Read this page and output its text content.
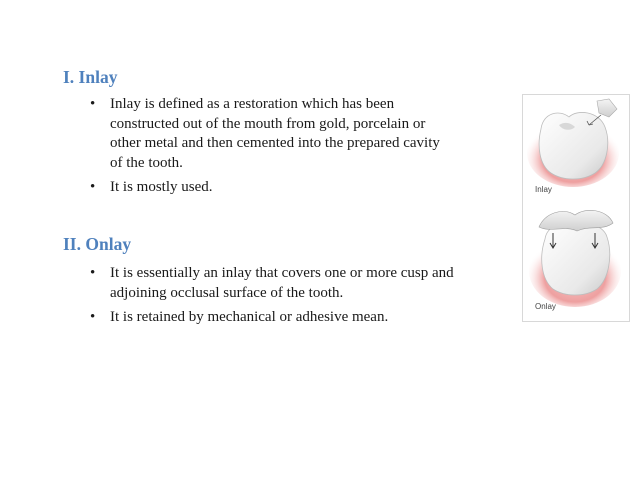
I. Inlay
• Inlay is defined as a restoration which has been
constructed out of the mouth from gold, porcelain or
other metal and then cemented into the prepared cavity
of the tooth.
• It is mostly used.
II. Onlay
• It is essentially an inlay that covers one or more cusp and
adjoining occlusal surface of the tooth.
• It is retained by mechanical or adhesive mean.
Inlay
Onlay
